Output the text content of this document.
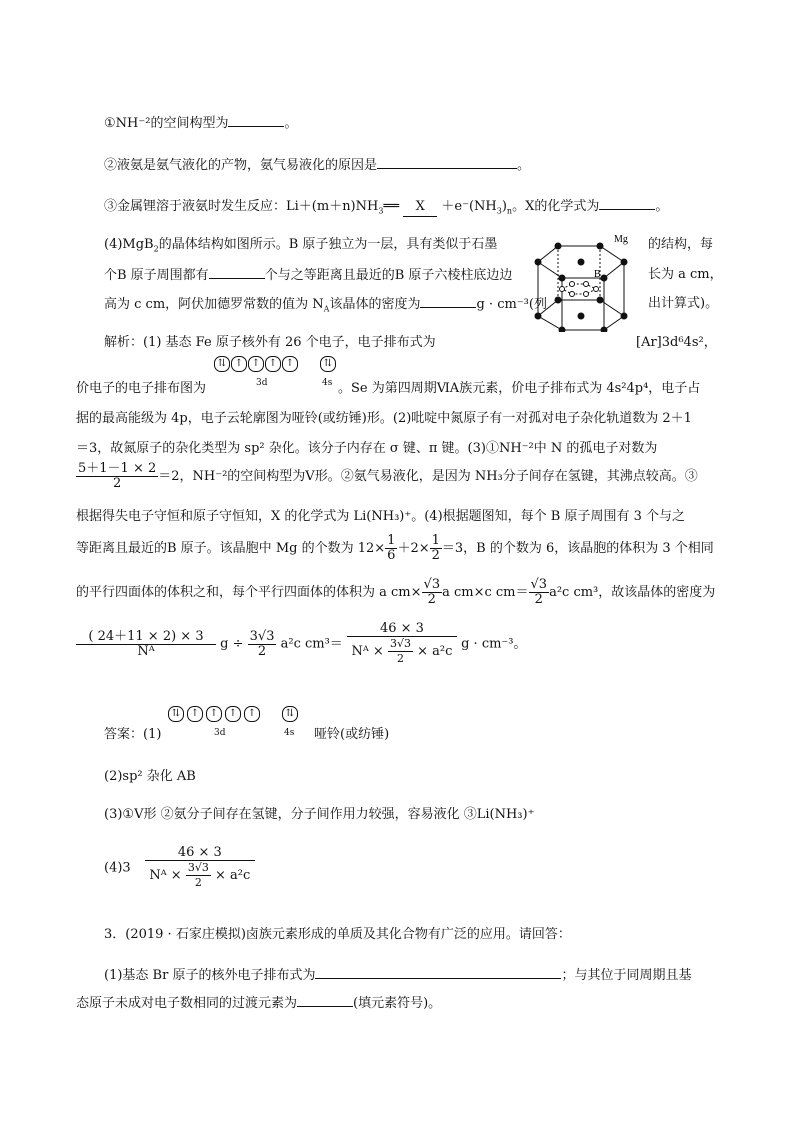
①NH⁻²的空间构型为	。
②液氨是氨气液化的产物，氨气易液化的原因是	。
③金属锂溶于液氨时发生反应：$Li+(m+n)NH_3══$ $X +e^-(NH_3)_n$。X的化学式为	。
(4)MgB$_2$的晶体结构如图所示。B 原子独立为一层，具有类似于石墨	的结构，每
个B 原子周围都有	个与之等距离且最近的B 原子六棱柱底边边	长为 a cm，
高为 c cm，阿伏加德罗常数的值为 $N_A$该晶体的密度为	g · cm⁻³(列	出计算式)。
Mg
B
解析：(1) 基态 Fe 原子核外有 26 个电子，电子排布式为	[Ar]3d⁶4s²，
⇅ ↑ ↑ ↑ ↑	⇅
3d	4s
价电子的电子排布图为	。Se 为第四周期ⅥA族元素，价电子排布式为 4s²4p⁴，电子占
据的最高能级为 4p，电子云轮廓图为哑铃(或纺锤)形。(2)吡啶中氮原子有一对孤对电子杂化轨道数为 2＋1
＝3，故氮原子的杂化类型为 sp² 杂化。该分子内存在 σ 键、π 键。(3)①NH⁻²中 N 的孤电子对数为
$\frac{5+1-1 \times 2}{2} =2$，NH⁻²的空间构型为Ⅴ形。②氨气易液化，是因为 NH₃分子间存在氢键，其沸点较高。③
根据得失电子守恒和原子守恒知，X 的化学式为 Li(NH₃)⁺。(4)根据题图知，每个 B 原子周围有 3 个与之
等距离且最近的B 原子。该晶胞中 Mg 的个数为 $12\times \frac{1}{6} +2\times \frac{1}{2} =3$，B 的个数为 6，该晶胞的体积为 3 个相同
的平行四面体的体积之和，每个平行四面体的体积为 a $cm\times \frac{√3}{2}$ a cm×c $cm= \frac{√3}{2} a^2c$ cm³，故该晶体的密度为
$\frac{( 24+11 \times 2) \times 3}{\text{Nᴬ}}$ $g \div \frac{3√3}{2} a^2c$ $cm^3= \frac{46 \times 3}{Nᴬ \times \frac{3√3}{2} \times a^2c}$ g · cm⁻³。
⇅	↑	↑	↑	↑	⇅
3d	4s
答案：(1)	哑铃(或纺锤)
(2)sp² 杂化 AB
(3)①Ⅴ形 ②氨分子间存在氢键，分子间作用力较强，容易液化 ③Li(NH₃)⁺
$(4)3 \frac{46 \times 3}{Nᴬ \times \frac{3√3}{2} \times a^2c}$
3．(2019 · 石家庄模拟)卤族元素形成的单质及其化合物有广泛的应用。请回答：
(1)基态 Br 原子的核外电子排布式为	；与其位于同周期且基
态原子未成对电子数相同的过渡元素为	(填元素符号)。
